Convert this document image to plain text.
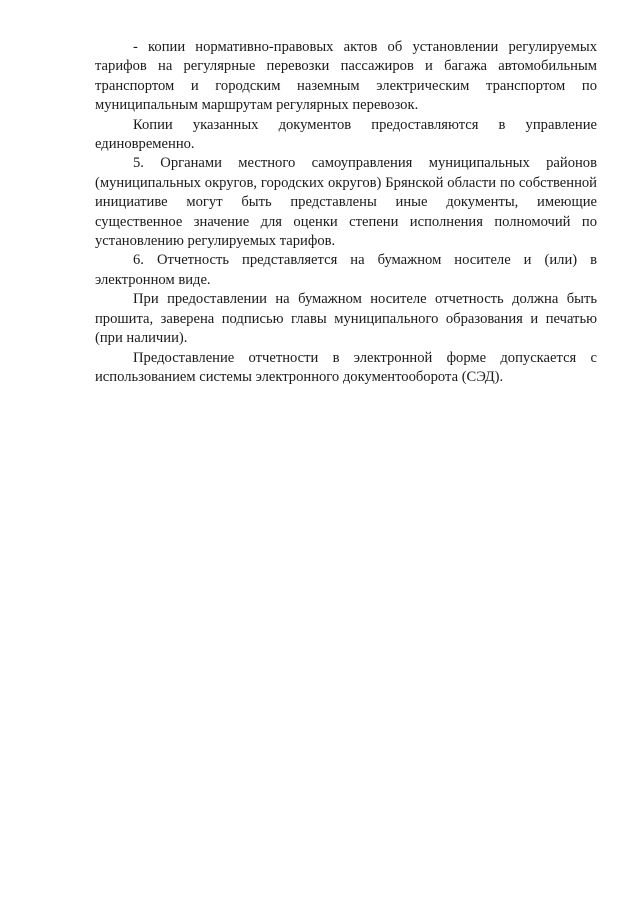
- копии нормативно-правовых актов об установлении регулируемых тарифов на регулярные перевозки пассажиров и багажа автомобильным транспортом и городским наземным электрическим транспортом по муниципальным маршрутам регулярных перевозок.

Копии указанных документов предоставляются в управление единовременно.

5. Органами местного самоуправления муниципальных районов (муниципальных округов, городских округов) Брянской области по собственной инициативе могут быть представлены иные документы, имеющие существенное значение для оценки степени исполнения полномочий по установлению регулируемых тарифов.

6. Отчетность представляется на бумажном носителе и (или) в электронном виде.

При предоставлении на бумажном носителе отчетность должна быть прошита, заверена подписью главы муниципального образования и печатью (при наличии).

Предоставление отчетности в электронной форме допускается с использованием системы электронного документооборота (СЭД).
